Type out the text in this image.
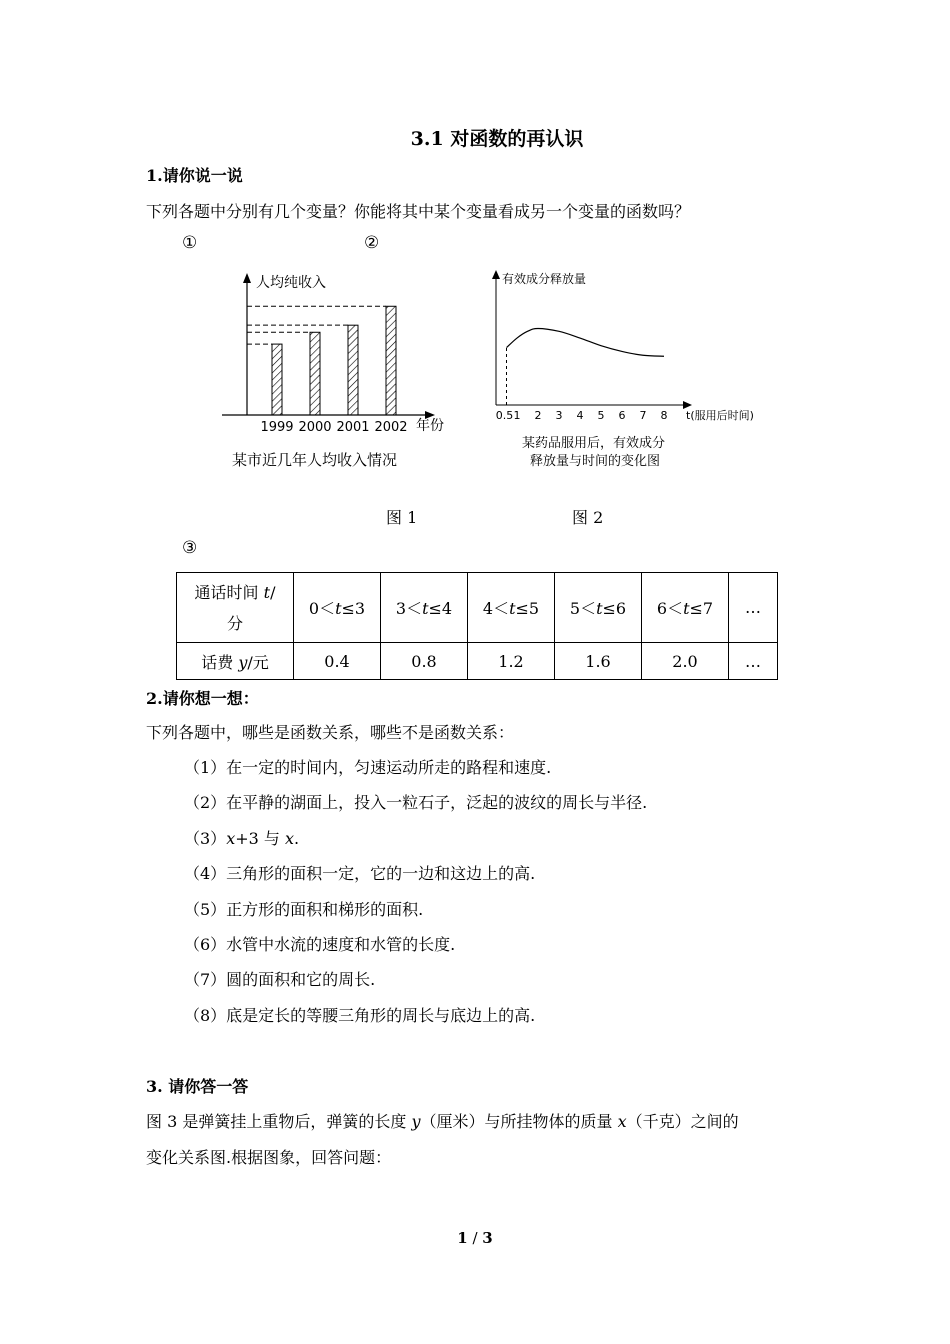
3.1 对函数的再认识
1.请你说一说
下列各题中分别有几个变量？你能将其中某个变量看成另一个变量的函数吗？
①	②
1999 2000 2001 2002
人均纯收入
年份
某市近几年人均收入情况
0.5 1 2 3 4 5 6 7 8
有效成分释放量
t(服用后时间)
某药品服用后，有效成分
释放量与时间的变化图
图 1	图 2
③
通话时间 t/
分	0＜t≤3	3＜t≤4	4＜t≤5	5＜t≤6	6＜t≤7	…
话费 y/元	0.4	0.8	1.2	1.6	2.0	…
2.请你想一想：
下列各题中，哪些是函数关系，哪些不是函数关系：
（1）在一定的时间内，匀速运动所走的路程和速度.
（2）在平静的湖面上，投入一粒石子，泛起的波纹的周长与半径.
（3）x+3 与 x.
（4）三角形的面积一定，它的一边和这边上的高.
（5）正方形的面积和梯形的面积.
（6）水管中水流的速度和水管的长度.
（7）圆的面积和它的周长.
（8）底是定长的等腰三角形的周长与底边上的高.
3. 请你答一答
图 3 是弹簧挂上重物后，弹簧的长度 y（厘米）与所挂物体的质量 x（千克）之间的
变化关系图.根据图象，回答问题：
1 / 3
